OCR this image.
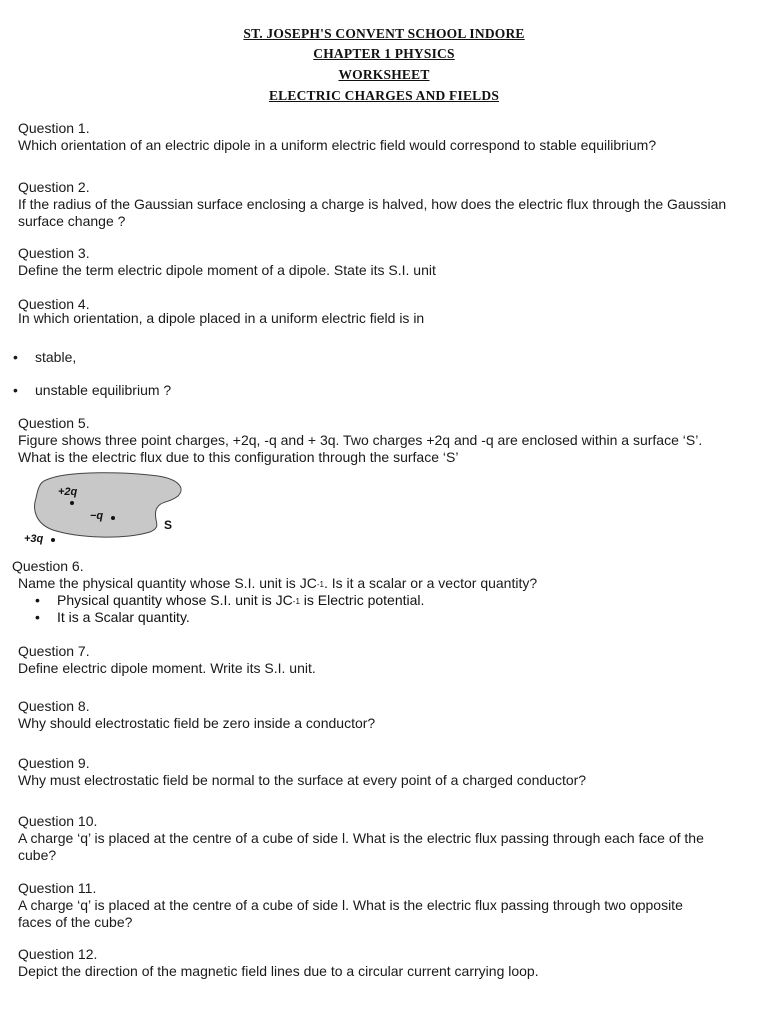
ST. JOSEPH'S CONVENT SCHOOL INDORE
CHAPTER 1 PHYSICS
WORKSHEET
ELECTRIC CHARGES AND FIELDS
Question 1.
Which orientation of an electric dipole in a uniform electric field would correspond to stable equilibrium?
Question 2.
If the radius of the Gaussian surface enclosing a charge is halved, how does the electric flux through the Gaussian surface change ?
Question 3.
Define the term electric dipole moment of a dipole. State its S.I. unit
Question 4.
In which orientation, a dipole placed in a uniform electric field is in
• stable,
• unstable equilibrium ?
Question 5.
Figure shows three point charges, +2q, -q and + 3q. Two charges +2q and -q are enclosed within a surface ‘S’. What is the electric flux due to this configuration through the surface ‘S’
+2q
−q
S
+3q
Question 6.
Name the physical quantity whose S.I. unit is $JC^{-1}$. Is it a scalar or a vector quantity?
• Physical quantity whose S.I. unit is $JC^{-1}$ is Electric potential.
• It is a Scalar quantity.
Question 7.
Define electric dipole moment. Write its S.I. unit.
Question 8.
Why should electrostatic field be zero inside a conductor?
Question 9.
Why must electrostatic field be normal to the surface at every point of a charged conductor?
Question 10.
A charge ‘q’ is placed at the centre of a cube of side l. What is the electric flux passing through each face of the cube?
Question 11.
A charge ‘q’ is placed at the centre of a cube of side l. What is the electric flux passing through two opposite faces of the cube?
Question 12.
Depict the direction of the magnetic field lines due to a circular current carrying loop.
